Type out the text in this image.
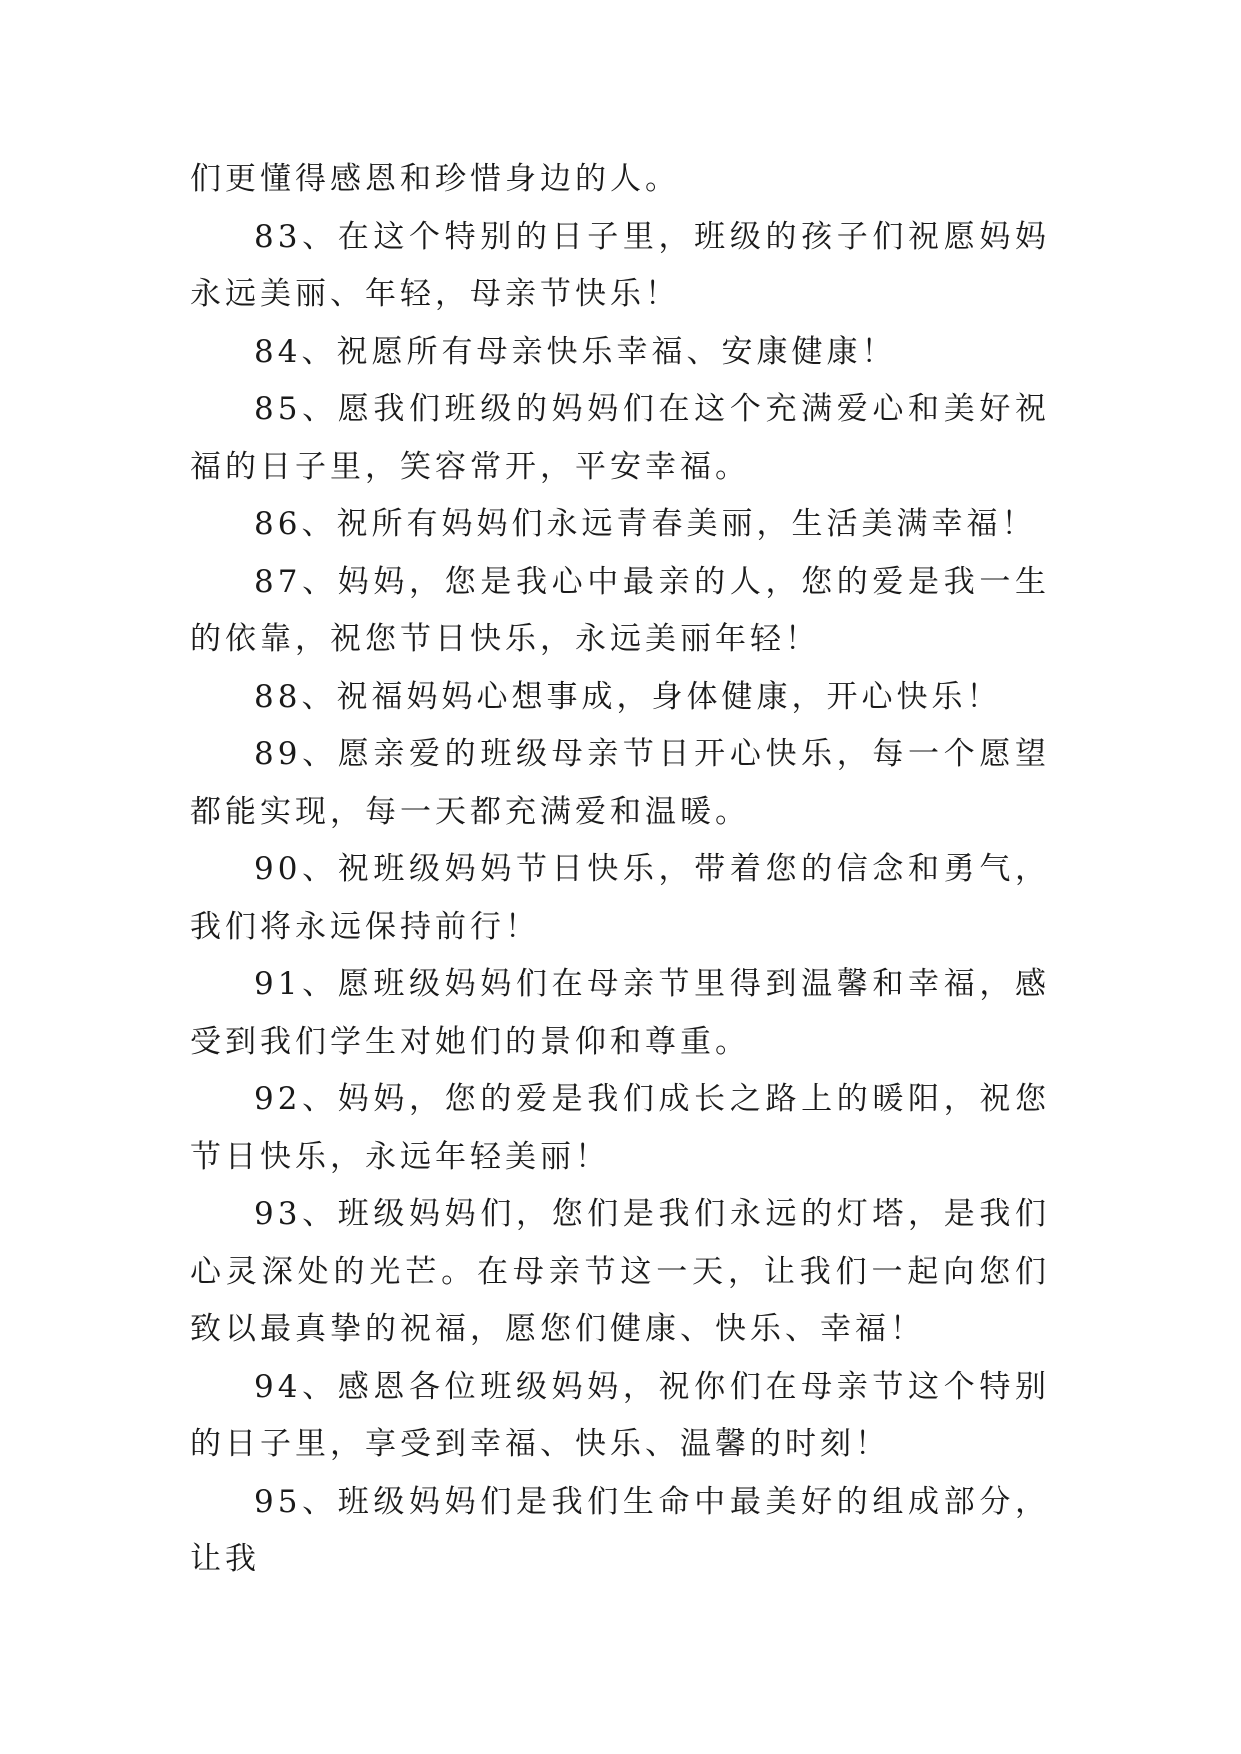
们更懂得感恩和珍惜身边的人。

83、在这个特别的日子里，班级的孩子们祝愿妈妈永远美丽、年轻，母亲节快乐！

84、祝愿所有母亲快乐幸福、安康健康！

85、愿我们班级的妈妈们在这个充满爱心和美好祝福的日子里，笑容常开，平安幸福。

86、祝所有妈妈们永远青春美丽，生活美满幸福！

87、妈妈，您是我心中最亲的人，您的爱是我一生的依靠，祝您节日快乐，永远美丽年轻！

88、祝福妈妈心想事成，身体健康，开心快乐！

89、愿亲爱的班级母亲节日开心快乐，每一个愿望都能实现，每一天都充满爱和温暖。

90、祝班级妈妈节日快乐，带着您的信念和勇气，我们将永远保持前行！

91、愿班级妈妈们在母亲节里得到温馨和幸福，感受到我们学生对她们的景仰和尊重。

92、妈妈，您的爱是我们成长之路上的暖阳，祝您节日快乐，永远年轻美丽！

93、班级妈妈们，您们是我们永远的灯塔，是我们心灵深处的光芒。在母亲节这一天，让我们一起向您们致以最真挚的祝福，愿您们健康、快乐、幸福！

94、感恩各位班级妈妈，祝你们在母亲节这个特别的日子里，享受到幸福、快乐、温馨的时刻！

95、班级妈妈们是我们生命中最美好的组成部分，让我
